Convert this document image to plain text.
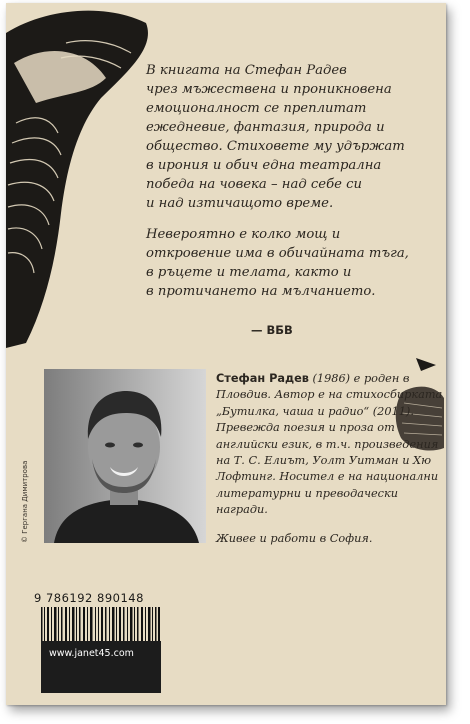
В книгата на Стефан Радев
чрез мъжествена и проникновена
емоционалност се преплитат
ежедневие, фантазия, природа и
общество. Стиховете му удържат
в ирония и обич една театрална
победа на човека – над себе си
и над изтичащото време.

Невероятно е колко мощ и
откровение има в обичайната тъга,
в ръцете и телата, както и
в протичането на мълчанието.

— ВБВ
© Гергана Димитрова

Стефан Радев (1986) е роден в Пловдив. Автор е на стихосбирката „Бутилка, чаша и радио“ (2011). Превежда поезия и проза от английски език, в т.ч. произведения на Т. С. Елиът, Уолт Уитман и Хю Лофтинг. Носител е на национални литературни и преводачески награди.

Живее и работи в София.

9 786192 890148
www.janet45.com
